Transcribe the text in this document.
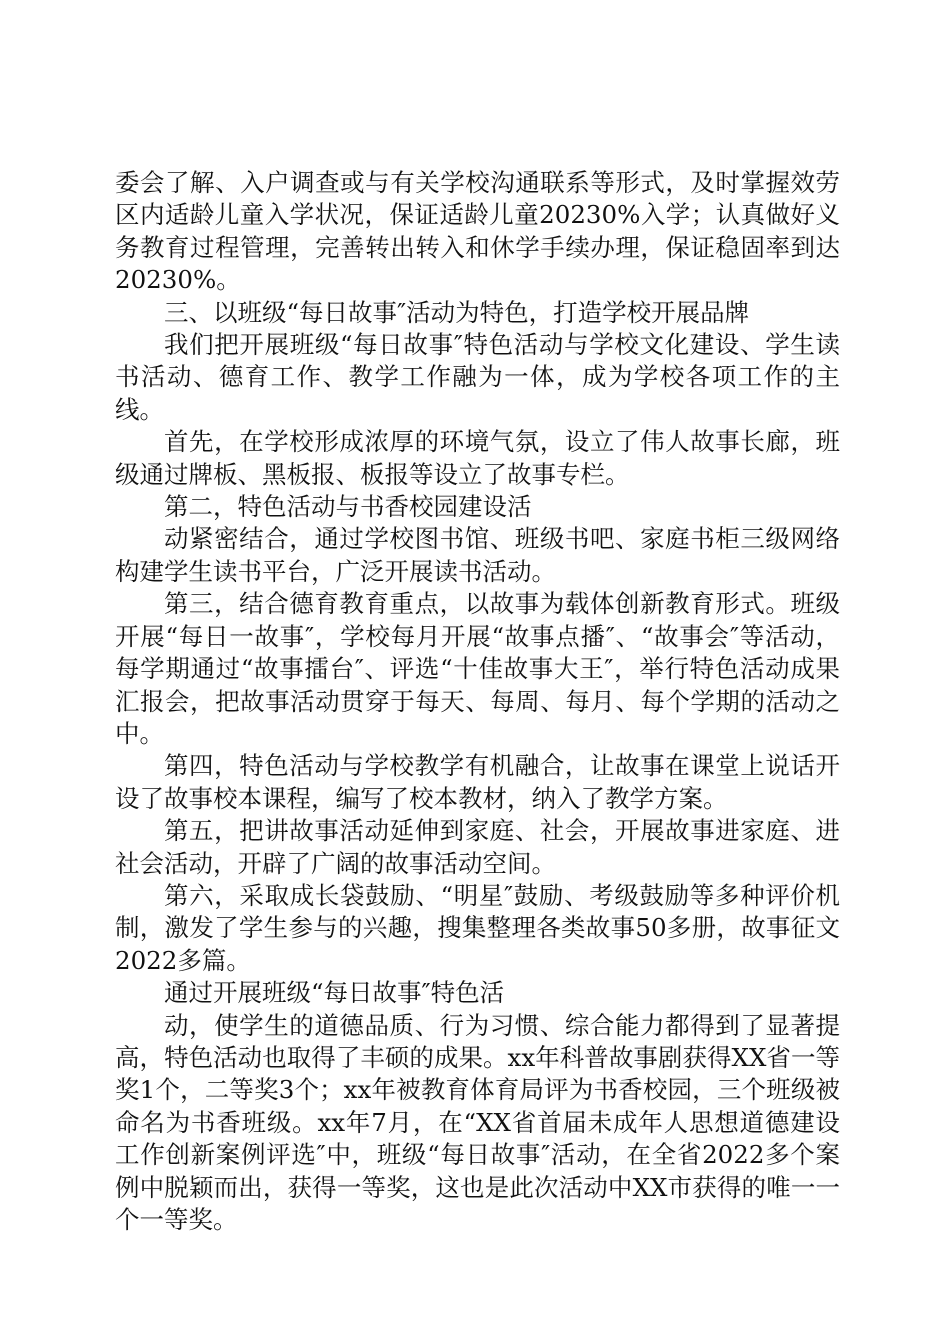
委会了解、入户调查或与有关学校沟通联系等形式，及时掌握效劳区内适龄儿童入学状况，保证适龄儿童20230%入学；认真做好义务教育过程管理，完善转出转入和休学手续办理，保证稳固率到达20230%。

三、以班级“每日故事″活动为特色，打造学校开展品牌

我们把开展班级“每日故事″特色活动与学校文化建设、学生读书活动、德育工作、教学工作融为一体，成为学校各项工作的主线。

首先，在学校形成浓厚的环境气氛，设立了伟人故事长廊，班级通过牌板、黑板报、板报等设立了故事专栏。

第二，特色活动与书香校园建设活

动紧密结合，通过学校图书馆、班级书吧、家庭书柜三级网络构建学生读书平台，广泛开展读书活动。

第三，结合德育教育重点，以故事为载体创新教育形式。班级开展“每日一故事″，学校每月开展“故事点播″、“故事会″等活动，每学期通过“故事擂台″、评选“十佳故事大王″，举行特色活动成果汇报会，把故事活动贯穿于每天、每周、每月、每个学期的活动之中。

第四，特色活动与学校教学有机融合，让故事在课堂上说话开设了故事校本课程，编写了校本教材，纳入了教学方案。

第五，把讲故事活动延伸到家庭、社会，开展故事进家庭、进社会活动，开辟了广阔的故事活动空间。

第六，采取成长袋鼓励、“明星″鼓励、考级鼓励等多种评价机制，激发了学生参与的兴趣，搜集整理各类故事50多册，故事征文2022多篇。

通过开展班级“每日故事″特色活

动，使学生的道德品质、行为习惯、综合能力都得到了显著提高，特色活动也取得了丰硕的成果。xx年科普故事剧获得XX省一等奖1个，二等奖3个；xx年被教育体育局评为书香校园，三个班级被命名为书香班级。xx年7月，在“XX省首届未成年人思想道德建设工作创新案例评选″中，班级“每日故事″活动，在全省2022多个案例中脱颖而出，获得一等奖，这也是此次活动中XX市获得的唯一一个一等奖。
